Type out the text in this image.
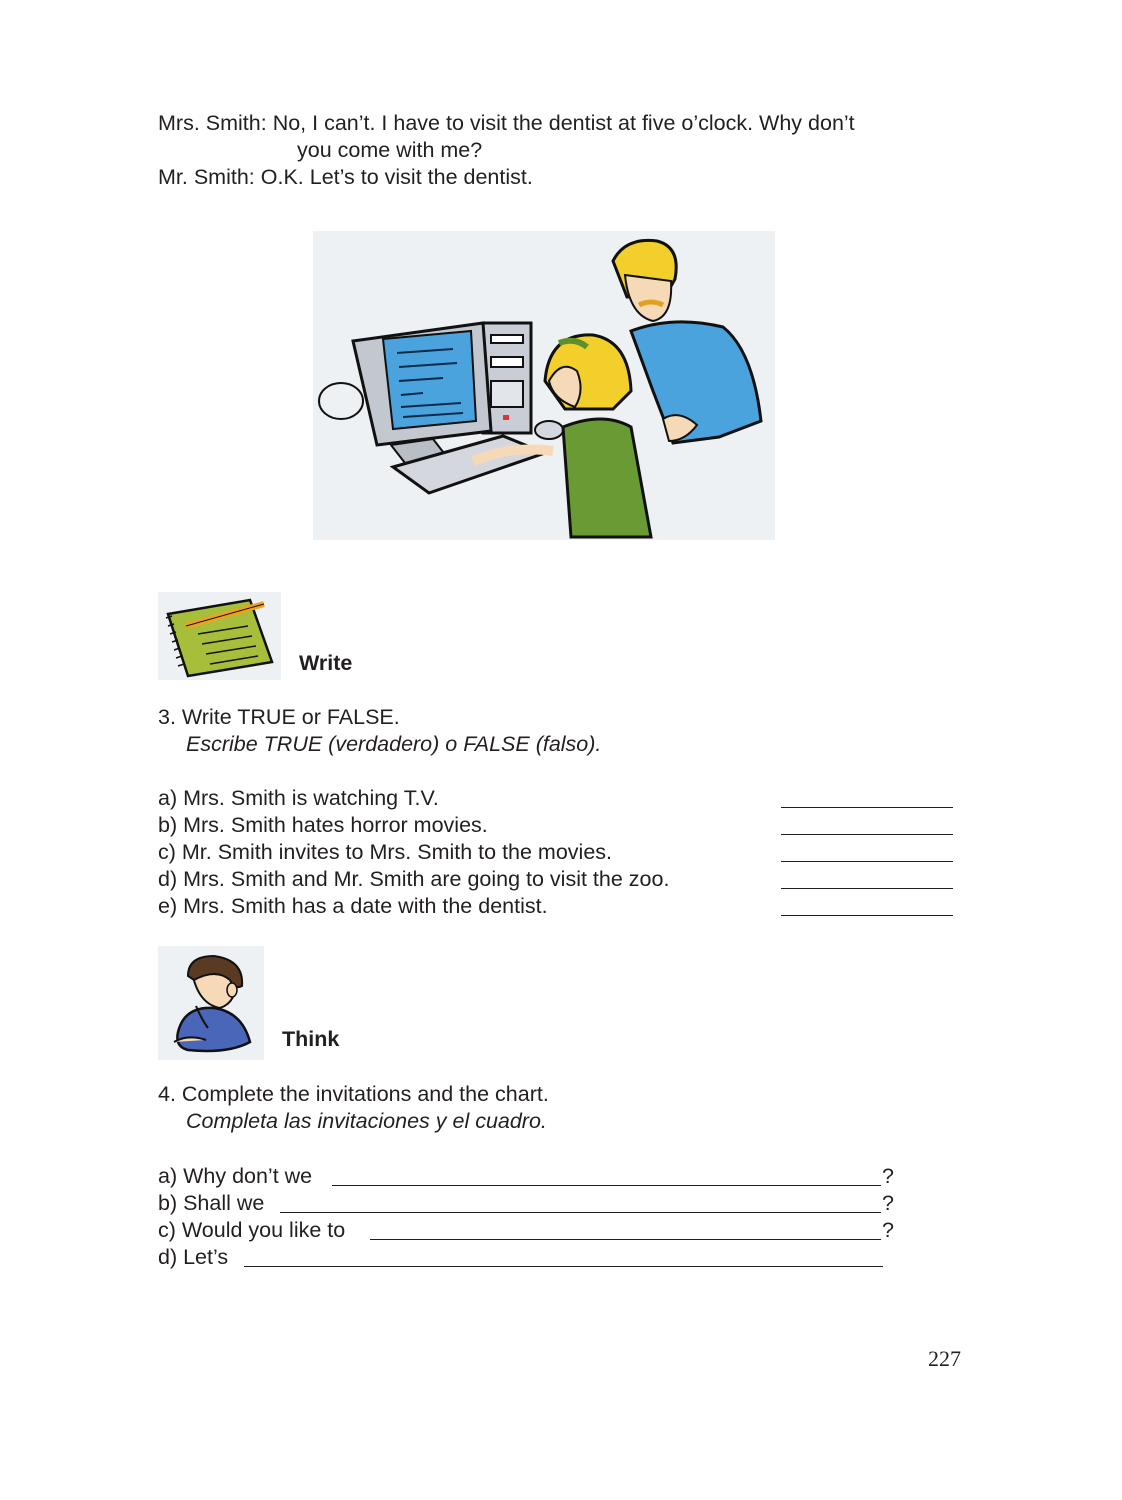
Mrs. Smith: No, I can’t. I have to visit the dentist at five o’clock. Why don’t
you come with me?
Mr. Smith: O.K. Let’s to visit the dentist.
Write
3. Write TRUE or FALSE.
Escribe TRUE (verdadero) o FALSE (falso).
a) Mrs. Smith is watching T.V.
b) Mrs. Smith hates horror movies.
c) Mr. Smith invites to Mrs. Smith to the movies.
d) Mrs. Smith and Mr. Smith are going to visit the zoo.
e) Mrs. Smith has a date with the dentist.
Think
4. Complete the invitations and the chart.
Completa las invitaciones y el cuadro.
a) Why don’t we	?
b) Shall we	?
c) Would you like to	?
d) Let’s
227
